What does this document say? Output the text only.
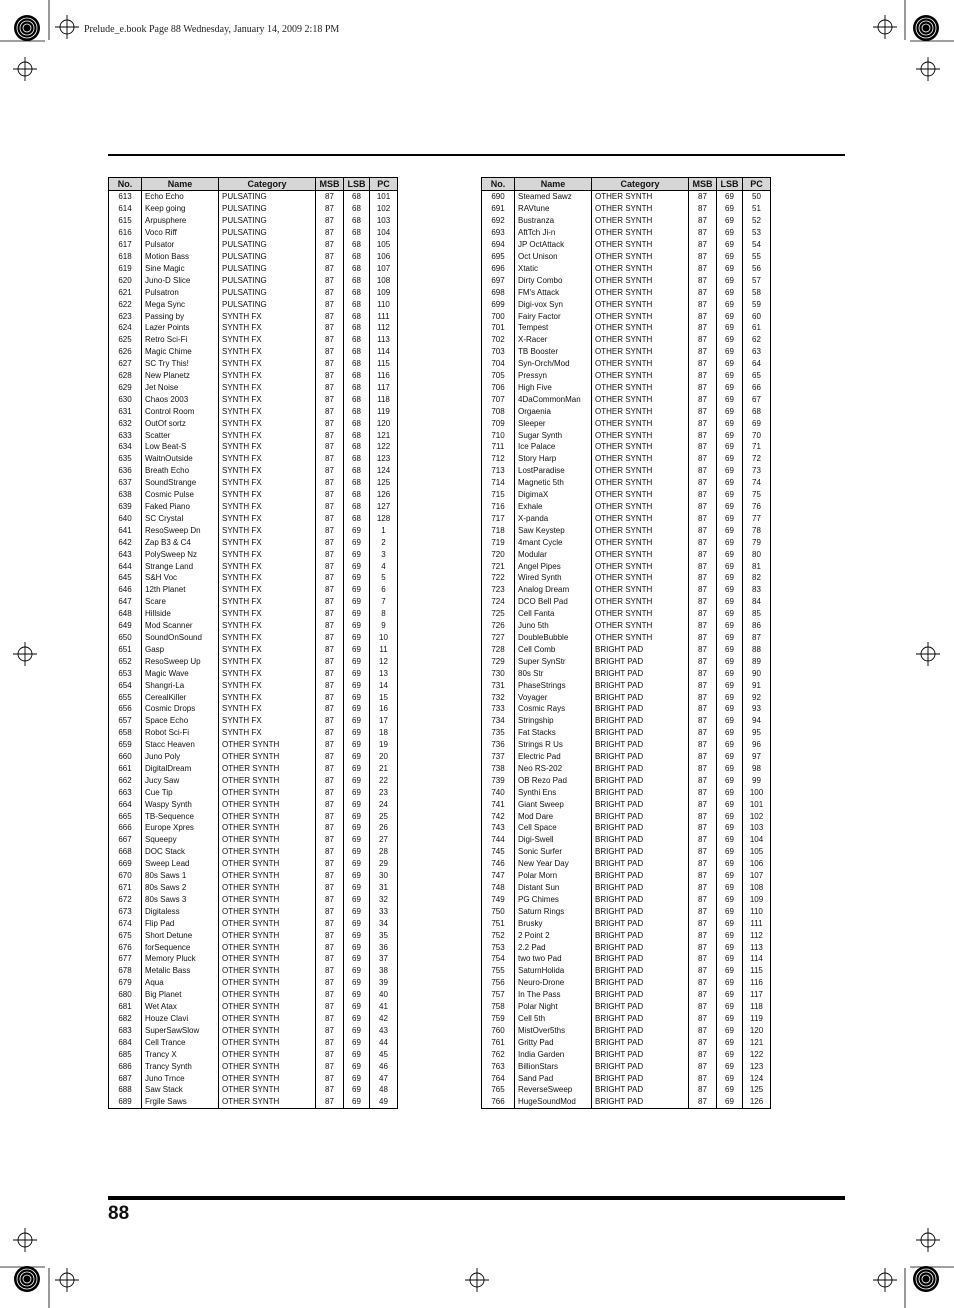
Prelude_e.book Page 88 Wednesday, January 14, 2009 2:18 PM
No.	Name	Category	MSB	LSB	PC
613	Echo Echo	PULSATING	87	68	101
614	Keep going	PULSATING	87	68	102
615	Arpusphere	PULSATING	87	68	103
616	Voco Riff	PULSATING	87	68	104
617	Pulsator	PULSATING	87	68	105
618	Motion Bass	PULSATING	87	68	106
619	Sine Magic	PULSATING	87	68	107
620	Juno-D Slice	PULSATING	87	68	108
621	Pulsatron	PULSATING	87	68	109
622	Mega Sync	PULSATING	87	68	110
623	Passing by	SYNTH FX	87	68	111
624	Lazer Points	SYNTH FX	87	68	112
625	Retro Sci-Fi	SYNTH FX	87	68	113
626	Magic Chime	SYNTH FX	87	68	114
627	SC Try This!	SYNTH FX	87	68	115
628	New Planetz	SYNTH FX	87	68	116
629	Jet Noise	SYNTH FX	87	68	117
630	Chaos 2003	SYNTH FX	87	68	118
631	Control Room	SYNTH FX	87	68	119
632	OutOf sortz	SYNTH FX	87	68	120
633	Scatter	SYNTH FX	87	68	121
634	Low Beat-S	SYNTH FX	87	68	122
635	WaitnOutside	SYNTH FX	87	68	123
636	Breath Echo	SYNTH FX	87	68	124
637	SoundStrange	SYNTH FX	87	68	125
638	Cosmic Pulse	SYNTH FX	87	68	126
639	Faked Piano	SYNTH FX	87	68	127
640	SC Crystal	SYNTH FX	87	68	128
641	ResoSweep Dn	SYNTH FX	87	69	1
642	Zap B3 & C4	SYNTH FX	87	69	2
643	PolySweep Nz	SYNTH FX	87	69	3
644	Strange Land	SYNTH FX	87	69	4
645	S&H Voc	SYNTH FX	87	69	5
646	12th Planet	SYNTH FX	87	69	6
647	Scare	SYNTH FX	87	69	7
648	Hillside	SYNTH FX	87	69	8
649	Mod Scanner	SYNTH FX	87	69	9
650	SoundOnSound	SYNTH FX	87	69	10
651	Gasp	SYNTH FX	87	69	11
652	ResoSweep Up	SYNTH FX	87	69	12
653	Magic Wave	SYNTH FX	87	69	13
654	Shangri-La	SYNTH FX	87	69	14
655	CerealKiller	SYNTH FX	87	69	15
656	Cosmic Drops	SYNTH FX	87	69	16
657	Space Echo	SYNTH FX	87	69	17
658	Robot Sci-Fi	SYNTH FX	87	69	18
659	Stacc Heaven	OTHER SYNTH	87	69	19
660	Juno Poly	OTHER SYNTH	87	69	20
661	DigitalDream	OTHER SYNTH	87	69	21
662	Jucy Saw	OTHER SYNTH	87	69	22
663	Cue Tip	OTHER SYNTH	87	69	23
664	Waspy Synth	OTHER SYNTH	87	69	24
665	TB-Sequence	OTHER SYNTH	87	69	25
666	Europe Xpres	OTHER SYNTH	87	69	26
667	Squeepy	OTHER SYNTH	87	69	27
668	DOC Stack	OTHER SYNTH	87	69	28
669	Sweep Lead	OTHER SYNTH	87	69	29
670	80s Saws 1	OTHER SYNTH	87	69	30
671	80s Saws 2	OTHER SYNTH	87	69	31
672	80s Saws 3	OTHER SYNTH	87	69	32
673	Digitaless	OTHER SYNTH	87	69	33
674	Flip Pad	OTHER SYNTH	87	69	34
675	Short Detune	OTHER SYNTH	87	69	35
676	forSequence	OTHER SYNTH	87	69	36
677	Memory Pluck	OTHER SYNTH	87	69	37
678	Metalic Bass	OTHER SYNTH	87	69	38
679	Aqua	OTHER SYNTH	87	69	39
680	Big Planet	OTHER SYNTH	87	69	40
681	Wet Atax	OTHER SYNTH	87	69	41
682	Houze Clavi	OTHER SYNTH	87	69	42
683	SuperSawSlow	OTHER SYNTH	87	69	43
684	Cell Trance	OTHER SYNTH	87	69	44
685	Trancy X	OTHER SYNTH	87	69	45
686	Trancy Synth	OTHER SYNTH	87	69	46
687	Juno Trnce	OTHER SYNTH	87	69	47
688	Saw Stack	OTHER SYNTH	87	69	48
689	Frgile Saws	OTHER SYNTH	87	69	49
No.	Name	Category	MSB	LSB	PC
690	Steamed Sawz	OTHER SYNTH	87	69	50
691	RAVtune	OTHER SYNTH	87	69	51
692	Bustranza	OTHER SYNTH	87	69	52
693	AftTch Ji-n	OTHER SYNTH	87	69	53
694	JP OctAttack	OTHER SYNTH	87	69	54
695	Oct Unison	OTHER SYNTH	87	69	55
696	Xtatic	OTHER SYNTH	87	69	56
697	Dirty Combo	OTHER SYNTH	87	69	57
698	FM's Attack	OTHER SYNTH	87	69	58
699	Digi-vox Syn	OTHER SYNTH	87	69	59
700	Fairy Factor	OTHER SYNTH	87	69	60
701	Tempest	OTHER SYNTH	87	69	61
702	X-Racer	OTHER SYNTH	87	69	62
703	TB Booster	OTHER SYNTH	87	69	63
704	Syn-Orch/Mod	OTHER SYNTH	87	69	64
705	Pressyn	OTHER SYNTH	87	69	65
706	High Five	OTHER SYNTH	87	69	66
707	4DaCommonMan	OTHER SYNTH	87	69	67
708	Orgaenia	OTHER SYNTH	87	69	68
709	Sleeper	OTHER SYNTH	87	69	69
710	Sugar Synth	OTHER SYNTH	87	69	70
711	Ice Palace	OTHER SYNTH	87	69	71
712	Story Harp	OTHER SYNTH	87	69	72
713	LostParadise	OTHER SYNTH	87	69	73
714	Magnetic 5th	OTHER SYNTH	87	69	74
715	DigimaX	OTHER SYNTH	87	69	75
716	Exhale	OTHER SYNTH	87	69	76
717	X-panda	OTHER SYNTH	87	69	77
718	Saw Keystep	OTHER SYNTH	87	69	78
719	4mant Cycle	OTHER SYNTH	87	69	79
720	Modular	OTHER SYNTH	87	69	80
721	Angel Pipes	OTHER SYNTH	87	69	81
722	Wired Synth	OTHER SYNTH	87	69	82
723	Analog Dream	OTHER SYNTH	87	69	83
724	DCO Bell Pad	OTHER SYNTH	87	69	84
725	Cell Fanta	OTHER SYNTH	87	69	85
726	Juno 5th	OTHER SYNTH	87	69	86
727	DoubleBubble	OTHER SYNTH	87	69	87
728	Cell Comb	BRIGHT PAD	87	69	88
729	Super SynStr	BRIGHT PAD	87	69	89
730	80s Str	BRIGHT PAD	87	69	90
731	PhaseStrings	BRIGHT PAD	87	69	91
732	Voyager	BRIGHT PAD	87	69	92
733	Cosmic Rays	BRIGHT PAD	87	69	93
734	Stringship	BRIGHT PAD	87	69	94
735	Fat Stacks	BRIGHT PAD	87	69	95
736	Strings R Us	BRIGHT PAD	87	69	96
737	Electric Pad	BRIGHT PAD	87	69	97
738	Neo RS-202	BRIGHT PAD	87	69	98
739	OB Rezo Pad	BRIGHT PAD	87	69	99
740	Synthi Ens	BRIGHT PAD	87	69	100
741	Giant Sweep	BRIGHT PAD	87	69	101
742	Mod Dare	BRIGHT PAD	87	69	102
743	Cell Space	BRIGHT PAD	87	69	103
744	Digi-Swell	BRIGHT PAD	87	69	104
745	Sonic Surfer	BRIGHT PAD	87	69	105
746	New Year Day	BRIGHT PAD	87	69	106
747	Polar Morn	BRIGHT PAD	87	69	107
748	Distant Sun	BRIGHT PAD	87	69	108
749	PG Chimes	BRIGHT PAD	87	69	109
750	Saturn Rings	BRIGHT PAD	87	69	110
751	Brusky	BRIGHT PAD	87	69	111
752	2 Point 2	BRIGHT PAD	87	69	112
753	2.2 Pad	BRIGHT PAD	87	69	113
754	two two Pad	BRIGHT PAD	87	69	114
755	SaturnHolida	BRIGHT PAD	87	69	115
756	Neuro-Drone	BRIGHT PAD	87	69	116
757	In The Pass	BRIGHT PAD	87	69	117
758	Polar Night	BRIGHT PAD	87	69	118
759	Cell 5th	BRIGHT PAD	87	69	119
760	MistOver5ths	BRIGHT PAD	87	69	120
761	Gritty Pad	BRIGHT PAD	87	69	121
762	India Garden	BRIGHT PAD	87	69	122
763	BillionStars	BRIGHT PAD	87	69	123
764	Sand Pad	BRIGHT PAD	87	69	124
765	ReverseSweep	BRIGHT PAD	87	69	125
766	HugeSoundMod	BRIGHT PAD	87	69	126
88
